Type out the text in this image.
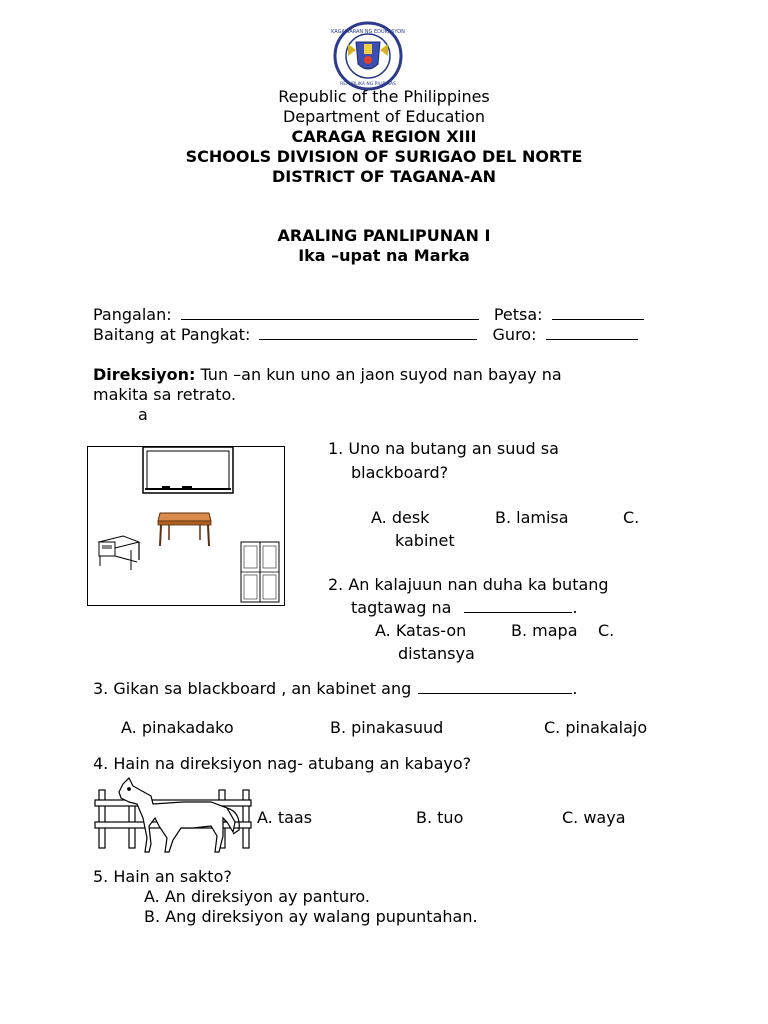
KAGAWARAN NG EDUKASYON
REPUBLIKA NG PILIPINAS
Republic of the Philippines
Department of Education
CARAGA REGION XIII
SCHOOLS DIVISION OF SURIGAO DEL NORTE
DISTRICT OF TAGANA-AN
ARALING PANLIPUNAN I
Ika –upat na Marka
Pangalan:	Petsa:
Baitang at Pangkat:	Guro:
Direksiyon: Tun –an kun uno an jaon suyod nan bayay na
makita sa retrato.
a
1. Uno na butang an suud sa
blackboard?
A. desk	B. lamisa	C.
kabinet
2. An kalajuun nan duha ka butang
tagtawag na	.
A. Katas-on	B. mapa C.
distansya
3. Gikan sa blackboard , an kabinet ang	.
A. pinakadako	B. pinakasuud	C. pinakalajo
4. Hain na direksiyon nag- atubang an kabayo?
A. taas	B. tuo	C. waya
5. Hain an sakto?
A. An direksiyon ay panturo.
B. Ang direksiyon ay walang pupuntahan.
